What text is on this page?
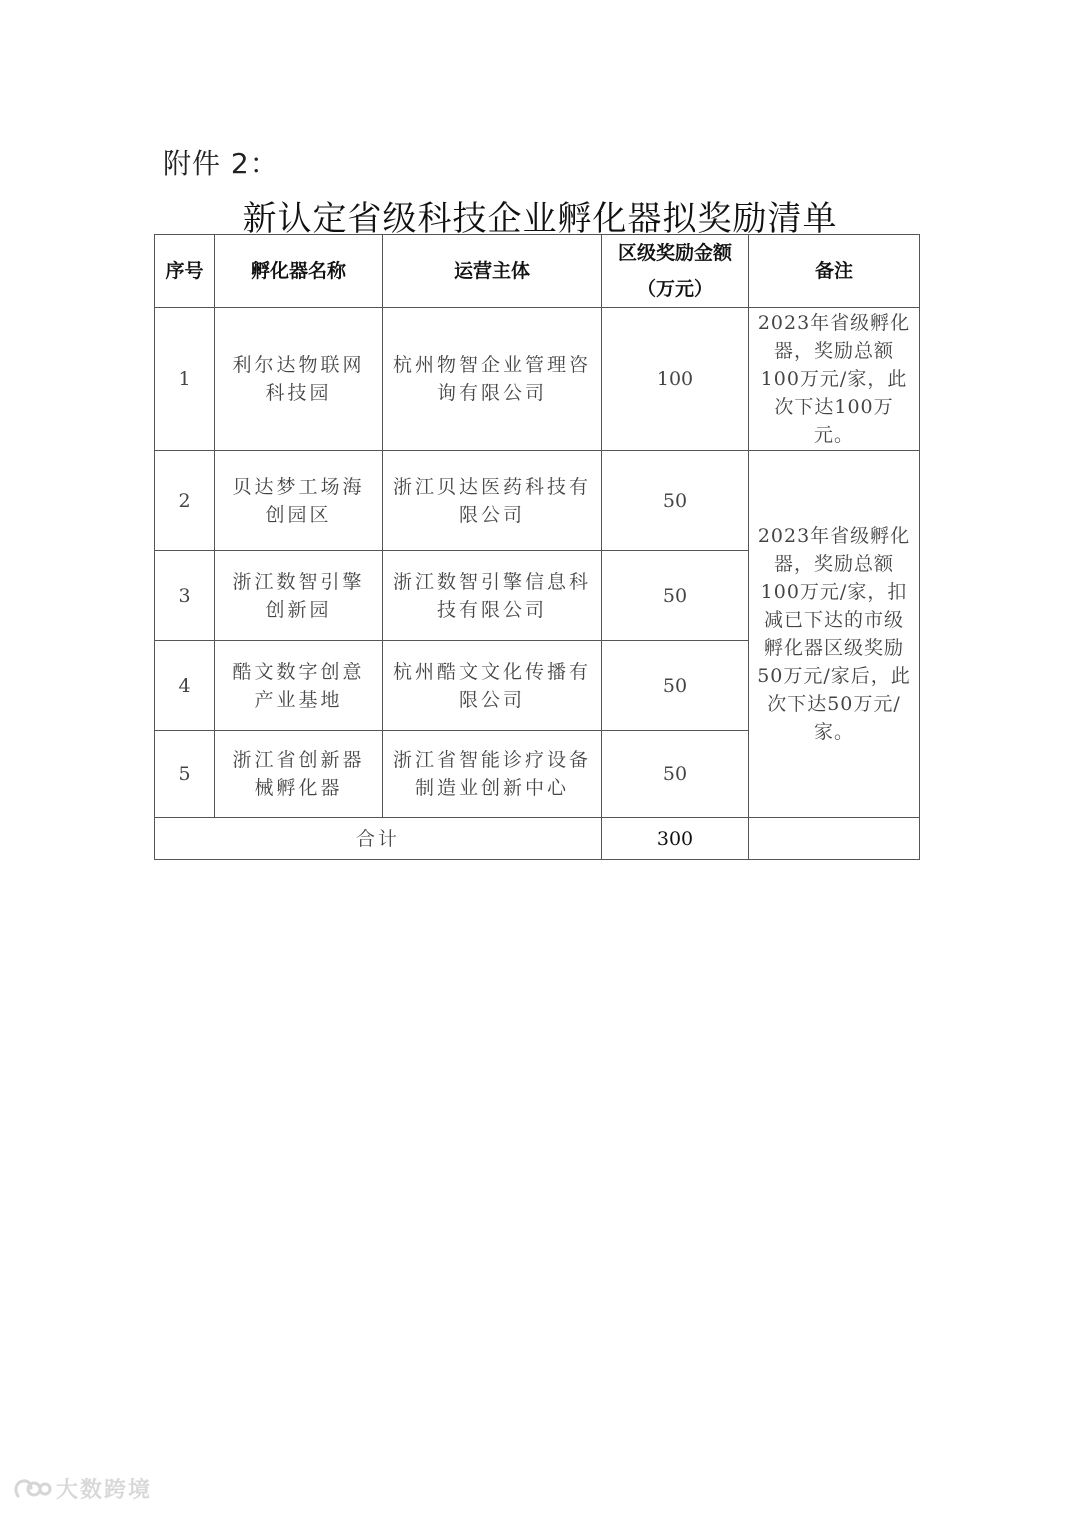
附件 2：
新认定省级科技企业孵化器拟奖励清单
序号	孵化器名称	运营主体	区级奖励金额（万元）	备注
1	利尔达物联网科技园	杭州物智企业管理咨询有限公司	100	2023年省级孵化器，奖励总额100万元/家，此次下达100万元。
2	贝达梦工场海创园区	浙江贝达医药科技有限公司	50	2023年省级孵化器，奖励总额100万元/家，扣减已下达的市级孵化器区级奖励50万元/家后，此次下达50万元/家。
3	浙江数智引擎创新园	浙江数智引擎信息科技有限公司	50	
4	酷文数字创意产业基地	杭州酷文文化传播有限公司	50	
5	浙江省创新器械孵化器	浙江省智能诊疗设备制造业创新中心	50	
合计			300	
大数跨境
